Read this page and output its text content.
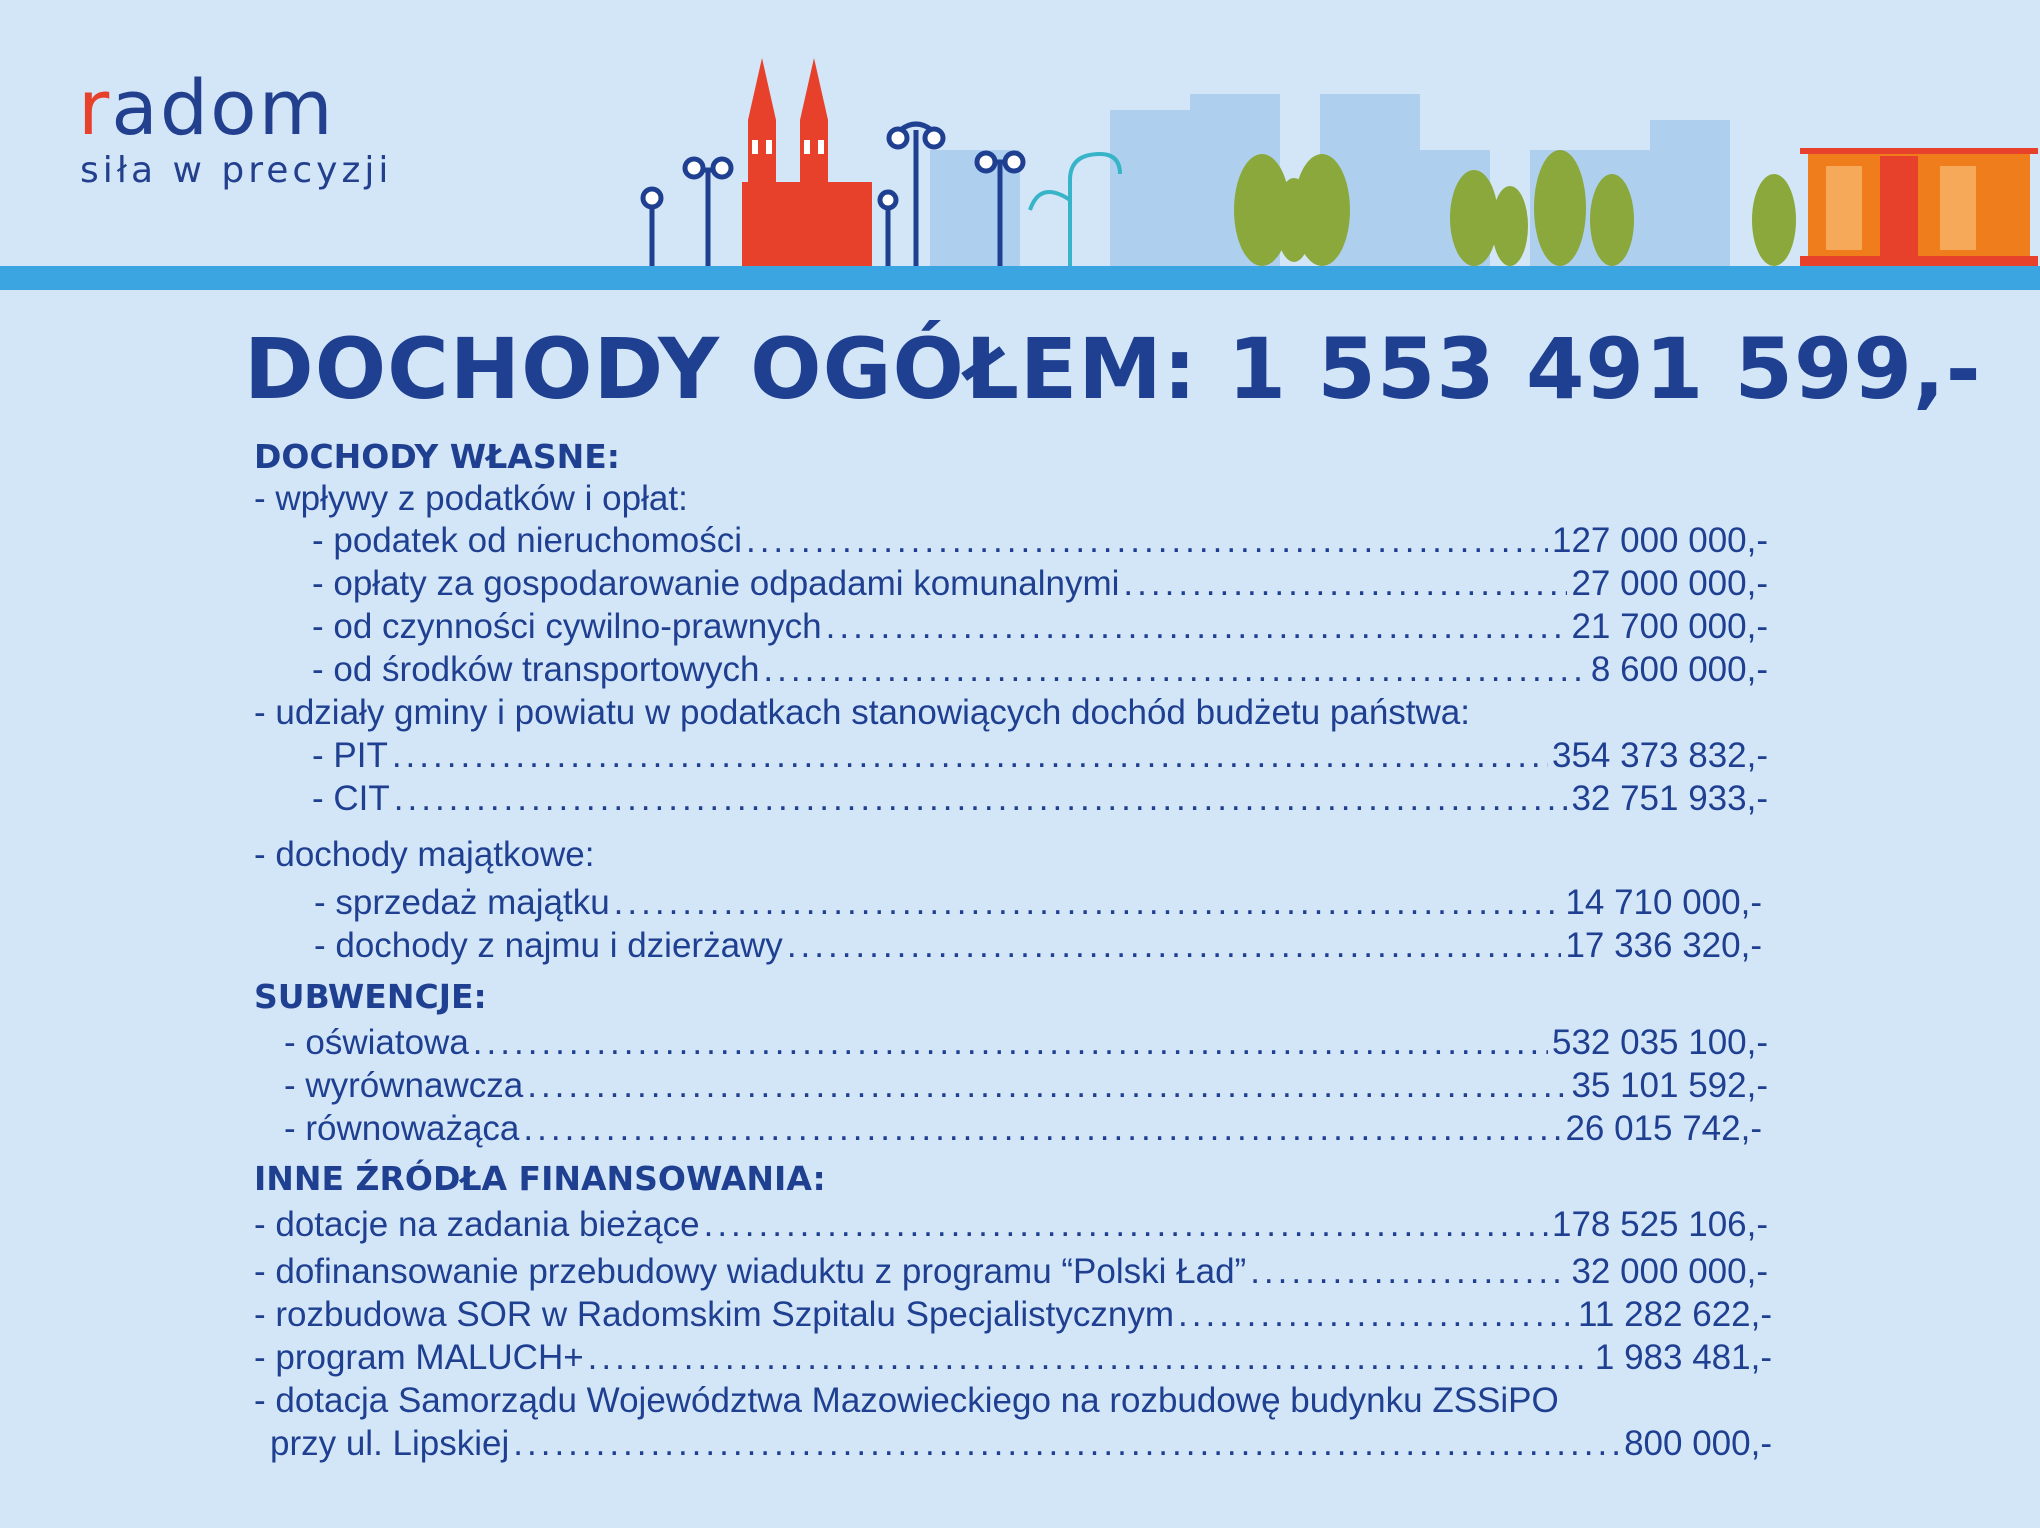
radom
siła w precyzji
DOCHODY OGÓŁEM: 1 553 491 599,-
DOCHODY WŁASNE:
- wpływy z podatków i opłat:
- podatek od nieruchomości .....	127 000 000,-
- opłaty za gospodarowanie odpadami komunalnymi .....	27 000 000,-
- od czynności cywilno-prawnych .....	21 700 000,-
- od środków transportowych .....	8 600 000,-
- udziały gminy i powiatu w podatkach stanowiących dochód budżetu państwa:
- PIT .....	354 373 832,-
- CIT .....	32 751 933,-
- dochody majątkowe:
- sprzedaż majątku .....	14 710 000,-
- dochody z najmu i dzierżawy .....	17 336 320,-
SUBWENCJE:
- oświatowa .....	532 035 100,-
- wyrównawcza .....	35 101 592,-
- równoważąca .....	26 015 742,-
INNE ŹRÓDŁA FINANSOWANIA:
- dotacje na zadania bieżące .....	178 525 106,-
- dofinansowanie przebudowy wiaduktu z programu “Polski Ład” .....	32 000 000,-
- rozbudowa SOR w Radomskim Szpitalu Specjalistycznym .....	11 282 622,-
- program MALUCH+ .....	1 983 481,-
- dotacja Samorządu Województwa Mazowieckiego na rozbudowę budynku ZSSiPO
przy ul. Lipskiej .....	800 000,-
